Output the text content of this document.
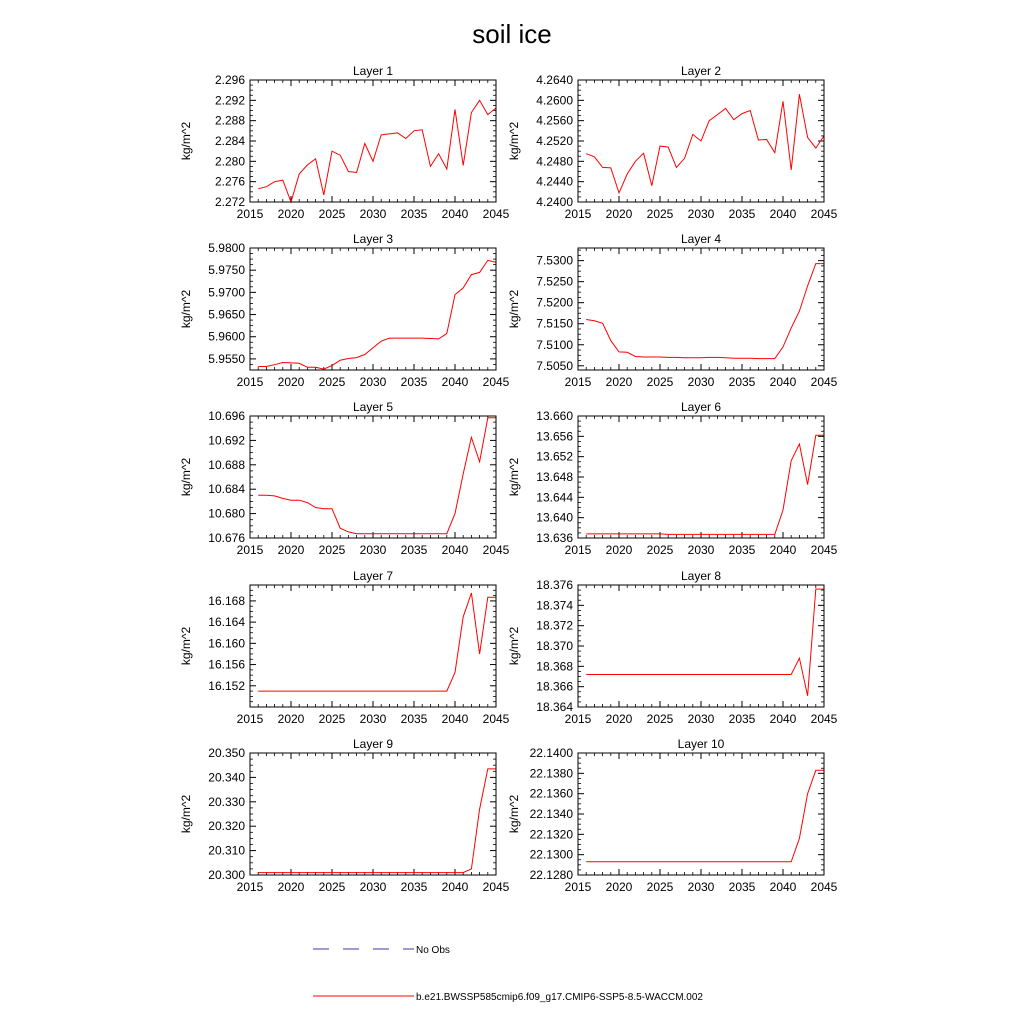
soil ice
Layer 1
2015 2020 2025 2030 2035 2040 2045
2.272
2.276
2.280
2.284
2.288
2.292
2.296
kg/m^2
Layer 2
2015 2020 2025 2030 2035 2040 2045
4.2400
4.2440
4.2480
4.2520
4.2560
4.2600
4.2640
kg/m^2
Layer 3
2015 2020 2025 2030 2035 2040 2045
5.9550
5.9600
5.9650
5.9700
5.9750
5.9800
kg/m^2
Layer 4
2015 2020 2025 2030 2035 2040 2045
7.5050
7.5100
7.5150
7.5200
7.5250
7.5300
kg/m^2
Layer 5
2015 2020 2025 2030 2035 2040 2045
10.676
10.680
10.684
10.688
10.692
10.696
kg/m^2
Layer 6
2015 2020 2025 2030 2035 2040 2045
13.636
13.640
13.644
13.648
13.652
13.656
13.660
kg/m^2
Layer 7
2015 2020 2025 2030 2035 2040 2045
16.152
16.156
16.160
16.164
16.168
kg/m^2
Layer 8
2015 2020 2025 2030 2035 2040 2045
18.364
18.366
18.368
18.370
18.372
18.374
18.376
kg/m^2
Layer 9
2015 2020 2025 2030 2035 2040 2045
20.300
20.310
20.320
20.330
20.340
20.350
kg/m^2
Layer 10
2015 2020 2025 2030 2035 2040 2045
22.1280
22.1300
22.1320
22.1340
22.1360
22.1380
22.1400
kg/m^2
No Obs
b.e21.BWSSP585cmip6.f09_g17.CMIP6-SSP5-8.5-WACCM.002
